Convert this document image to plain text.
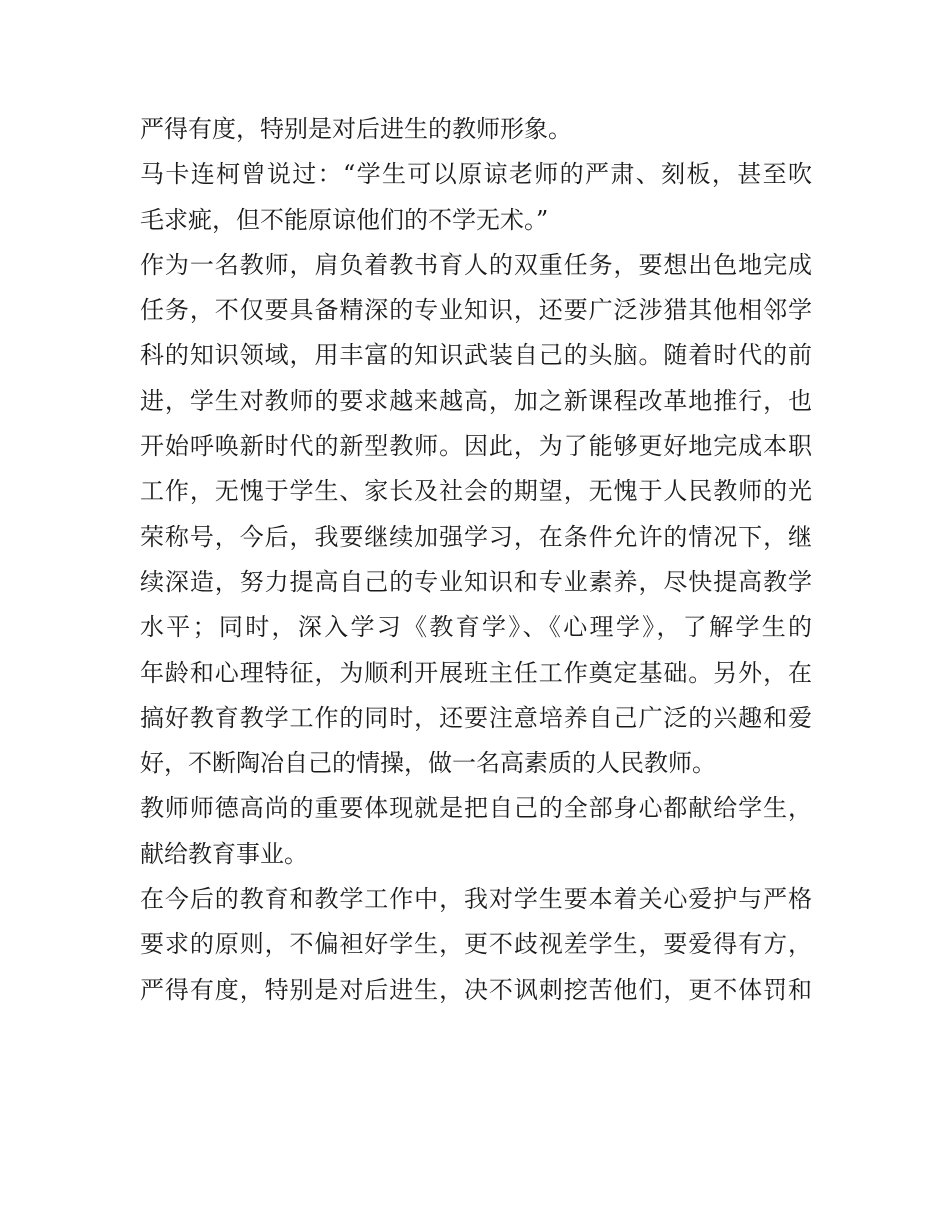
严得有度，特别是对后进生的教师形象。
马卡连柯曾说过：“学生可以原谅老师的严肃、刻板，甚至吹
毛求疵，但不能原谅他们的不学无术。”
作为一名教师，肩负着教书育人的双重任务，要想出色地完成
任务，不仅要具备精深的专业知识，还要广泛涉猎其他相邻学
科的知识领域，用丰富的知识武装自己的头脑。随着时代的前
进，学生对教师的要求越来越高，加之新课程改革地推行，也
开始呼唤新时代的新型教师。因此，为了能够更好地完成本职
工作，无愧于学生、家长及社会的期望，无愧于人民教师的光
荣称号，今后，我要继续加强学习，在条件允许的情况下，继
续深造，努力提高自己的专业知识和专业素养，尽快提高教学
水平；同时，深入学习《教育学》、《心理学》，了解学生的
年龄和心理特征，为顺利开展班主任工作奠定基础。另外，在
搞好教育教学工作的同时，还要注意培养自己广泛的兴趣和爱
好，不断陶冶自己的情操，做一名高素质的人民教师。
教师师德高尚的重要体现就是把自己的全部身心都献给学生，
献给教育事业。
在今后的教育和教学工作中，我对学生要本着关心爱护与严格
要求的原则，不偏袒好学生，更不歧视差学生，要爱得有方，
严得有度，特别是对后进生，决不讽刺挖苦他们，更不体罚和
